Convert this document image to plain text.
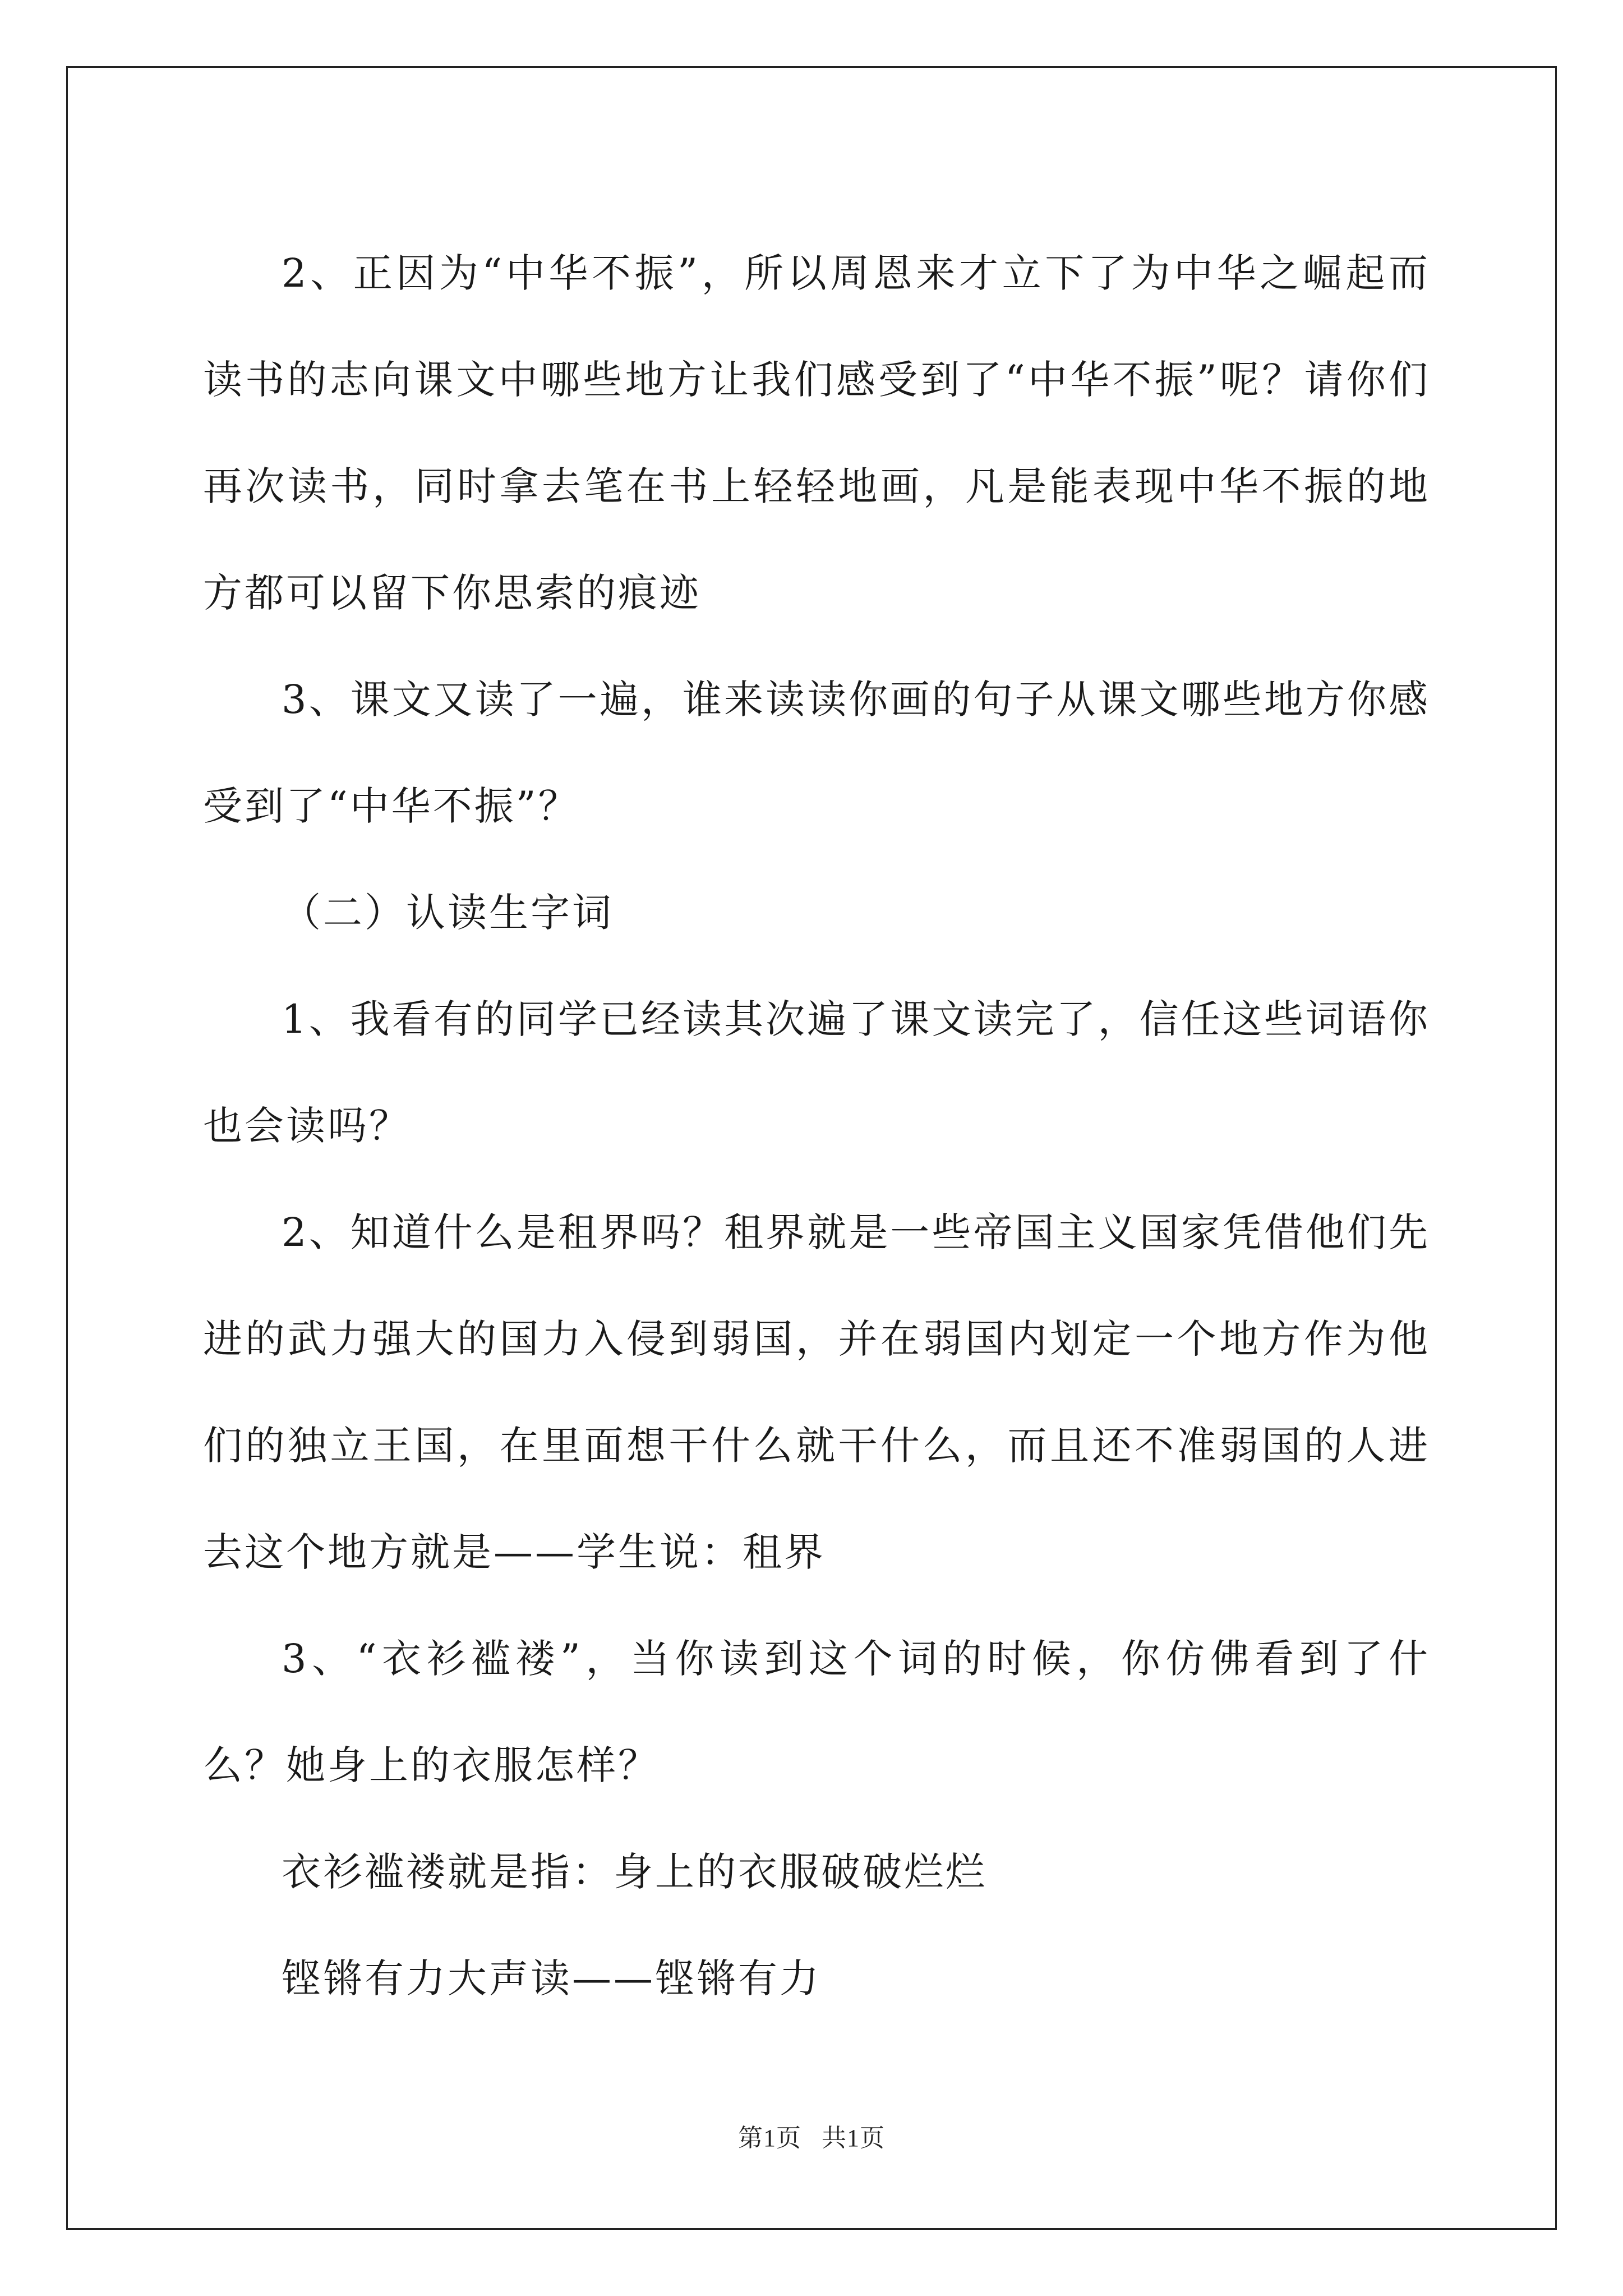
2、正因为“中华不振”，所以周恩来才立下了为中华之崛起而读书的志向课文中哪些地方让我们感受到了“中华不振”呢？请你们再次读书，同时拿去笔在书上轻轻地画，凡是能表现中华不振的地方都可以留下你思索的痕迹

3、课文又读了一遍，谁来读读你画的句子从课文哪些地方你感受到了“中华不振”？

（二）认读生字词

1、我看有的同学已经读其次遍了课文读完了，信任这些词语你也会读吗？

2、知道什么是租界吗？租界就是一些帝国主义国家凭借他们先进的武力强大的国力入侵到弱国，并在弱国内划定一个地方作为他们的独立王国，在里面想干什么就干什么，而且还不准弱国的人进去这个地方就是——学生说：租界

3、“衣衫褴褛”，当你读到这个词的时候，你仿佛看到了什么？她身上的衣服怎样？

衣衫褴褛就是指：身上的衣服破破烂烂

铿锵有力大声读——铿锵有力

第1页   共1页
